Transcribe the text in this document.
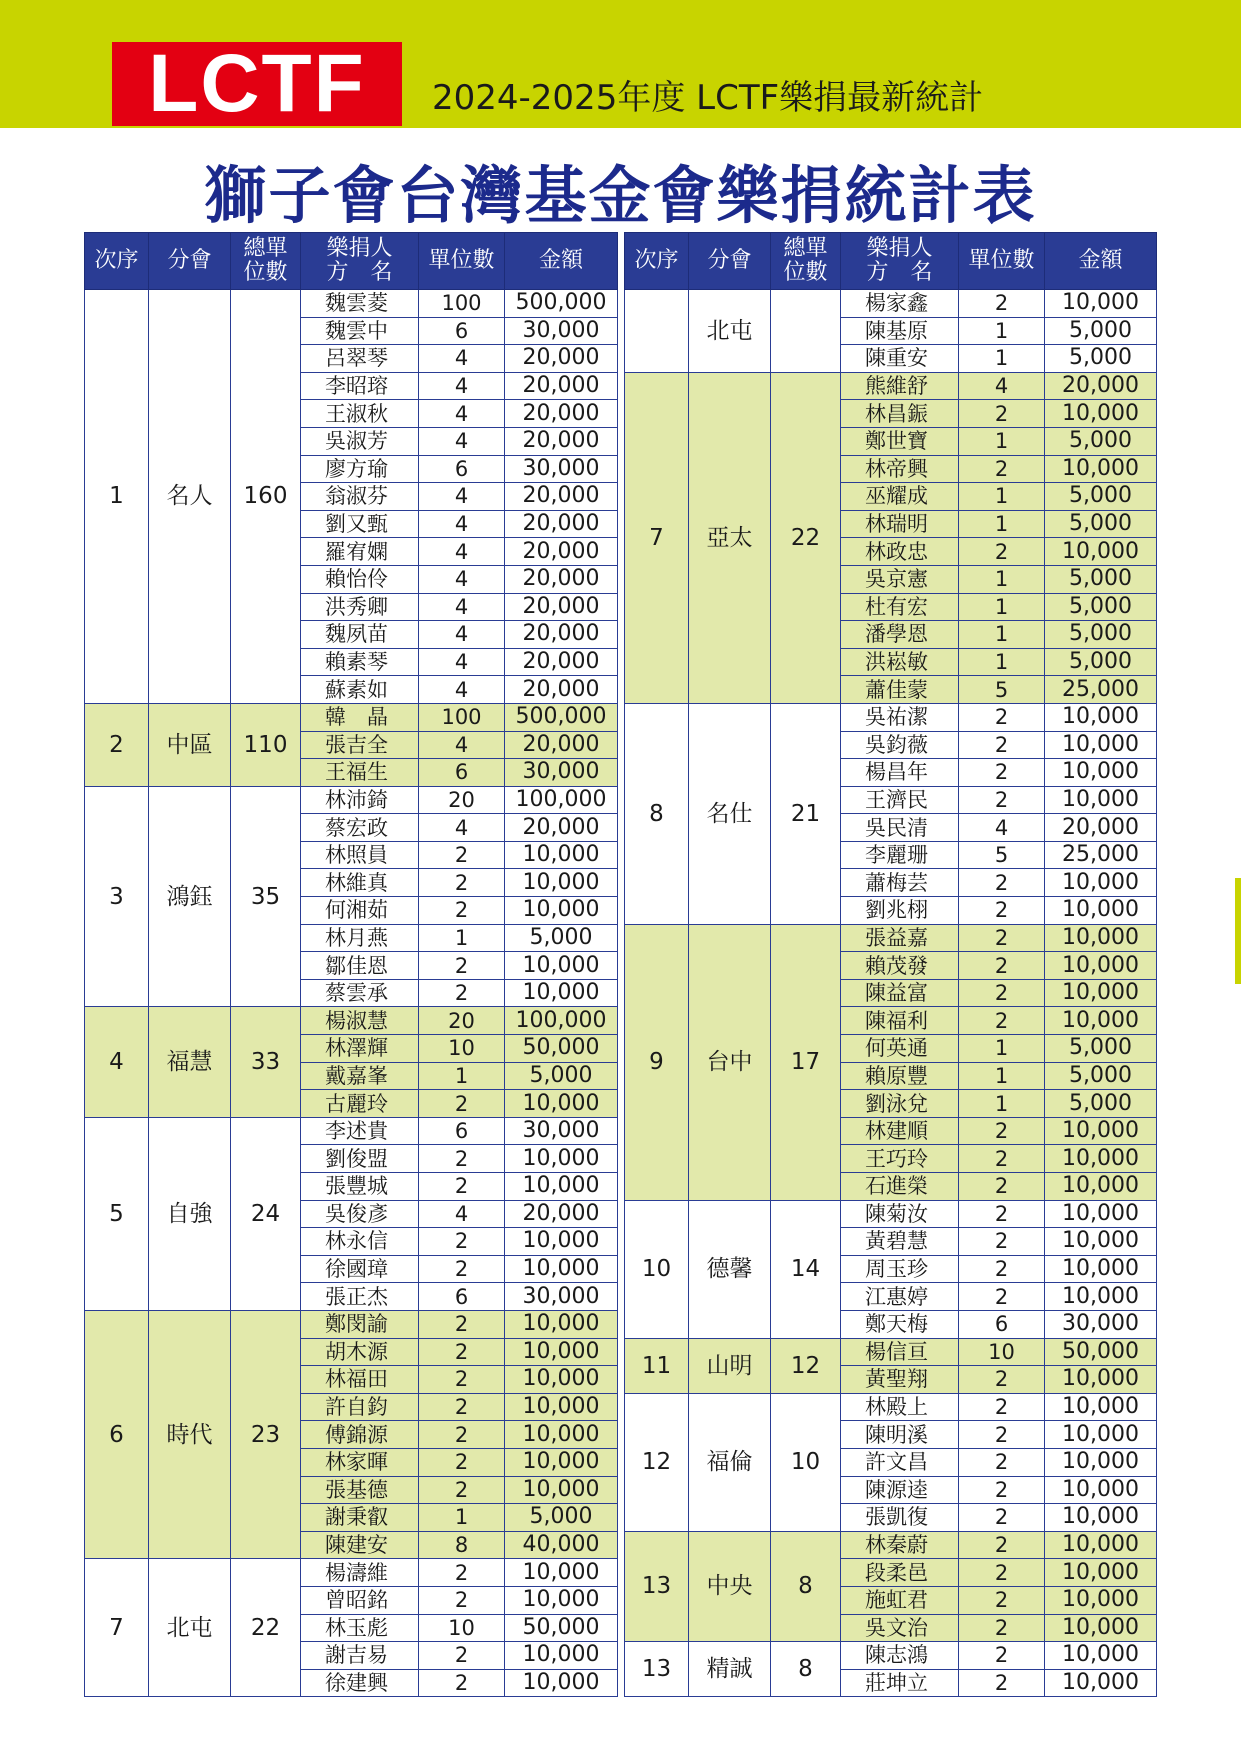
LCTF	2024-2025年度 LCTF樂捐最新統計
獅子會台灣基金會樂捐統計表
次序	分會	總單
位數	樂捐人
方　名	單位數	金額
1	名人	160	魏雲菱	100	500,000
			魏雲中	6	30,000
			呂翠琴	4	20,000
			李昭瑢	4	20,000
			王淑秋	4	20,000
			吳淑芳	4	20,000
			廖方瑜	6	30,000
			翁淑芬	4	20,000
			劉又甄	4	20,000
			羅宥嫻	4	20,000
			賴怡伶	4	20,000
			洪秀卿	4	20,000
			魏夙苗	4	20,000
			賴素琴	4	20,000
			蘇素如	4	20,000
2	中區	110	韓　晶	100	500,000
			張吉全	4	20,000
			王福生	6	30,000
3	鴻鈺	35	林沛錡	20	100,000
			蔡宏政	4	20,000
			林照員	2	10,000
			林維真	2	10,000
			何湘茹	2	10,000
			林月燕	1	5,000
			鄒佳恩	2	10,000
			蔡雲承	2	10,000
4	福慧	33	楊淑慧	20	100,000
			林澤輝	10	50,000
			戴嘉峯	1	5,000
			古麗玲	2	10,000
5	自強	24	李述貴	6	30,000
			劉俊盟	2	10,000
			張豐城	2	10,000
			吳俊彥	4	20,000
			林永信	2	10,000
			徐國璋	2	10,000
			張正杰	6	30,000
6	時代	23	鄭閔諭	2	10,000
			胡木源	2	10,000
			林福田	2	10,000
			許自鈞	2	10,000
			傅錦源	2	10,000
			林家暉	2	10,000
			張基德	2	10,000
			謝秉叡	1	5,000
			陳建安	8	40,000
7	北屯	22	楊濤維	2	10,000
			曾昭銘	2	10,000
			林玉彪	10	50,000
			謝吉易	2	10,000
			徐建興	2	10,000
次序	分會	總單
位數	樂捐人
方　名	單位數	金額
	北屯		楊家鑫	2	10,000
			陳基原	1	5,000
			陳重安	1	5,000
7	亞太	22	熊維舒	4	20,000
			林昌鋠	2	10,000
			鄭世寶	1	5,000
			林帝興	2	10,000
			巫耀成	1	5,000
			林瑞明	1	5,000
			林政忠	2	10,000
			吳京憲	1	5,000
			杜有宏	1	5,000
			潘學恩	1	5,000
			洪崧敏	1	5,000
			蕭佳蒙	5	25,000
8	名仕	21	吳祐潔	2	10,000
			吳鈞薇	2	10,000
			楊昌年	2	10,000
			王濟民	2	10,000
			吳民清	4	20,000
			李麗珊	5	25,000
			蕭梅芸	2	10,000
			劉兆栩	2	10,000
9	台中	17	張益嘉	2	10,000
			賴茂發	2	10,000
			陳益富	2	10,000
			陳福利	2	10,000
			何英通	1	5,000
			賴原豐	1	5,000
			劉泳兌	1	5,000
			林建順	2	10,000
			王巧玲	2	10,000
			石進榮	2	10,000
10	德馨	14	陳菊汝	2	10,000
			黃碧慧	2	10,000
			周玉珍	2	10,000
			江惠婷	2	10,000
			鄭天梅	6	30,000
11	山明	12	楊信亘	10	50,000
			黃聖翔	2	10,000
12	福倫	10	林殿上	2	10,000
			陳明溪	2	10,000
			許文昌	2	10,000
			陳源逵	2	10,000
			張凱復	2	10,000
13	中央	8	林秦蔚	2	10,000
			段柔邑	2	10,000
			施虹君	2	10,000
			吳文治	2	10,000
13	精誠	8	陳志鴻	2	10,000
			莊坤立	2	10,000
